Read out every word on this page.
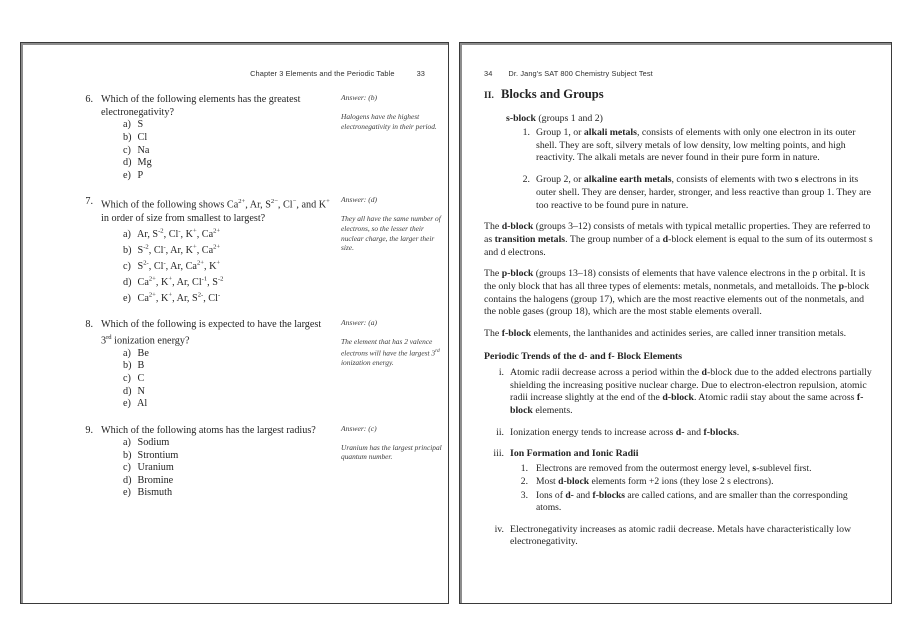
Chapter 3 Elements and the Periodic Table	33
6. Which of the following elements has the greatest electronegativity?
a) S
b) Cl
c) Na
d) Mg
e) P
Answer: (b)
Halogens have the highest electronegativity in their period.
7. Which of the following shows $Ca^{2+}$, Ar, $S^{2-}$, Cl−, and K+ in order of size from smallest to largest?
a) Ar, $S^{-2}$, Cl-, K+, $Ca^{2+}$
b) $S^{-2}$, Cl-, Ar, K+, $Ca^{2+}$
c) $S^{2-}$, Cl-, Ar, $Ca^{2+}$, K+
d) $Ca^{2+}$, K+, Ar, $Cl^{-1}$, $S^{-2}$
e) $Ca^{2+}$, K+, Ar, $S^{2-}$, Cl-
Answer: (d)
They all have the same number of electrons, so the lesser their nuclear charge, the larger their size.
8. Which of the following is expected to have the largest 3rd ionization energy?
a) Be
b) B
c) C
d) N
e) Al
Answer: (a)
The element that has 2 valence electrons will have the largest 3rd ionization energy.
9. Which of the following atoms has the largest radius?
a) Sodium
b) Strontium
c) Uranium
d) Bromine
e) Bismuth
Answer: (c)
Uranium has the largest principal quantum number.
34 Dr. Jang's SAT 800 Chemistry Subject Test
II. Blocks and Groups
s-block (groups 1 and 2)
1. Group 1, or alkali metals, consists of elements with only one electron in its outer shell. They are soft, silvery metals of low density, low melting points, and high reactivity. The alkali metals are never found in their pure form in nature.
2. Group 2, or alkaline earth metals, consists of elements with two s electrons in its outer shell. They are denser, harder, stronger, and less reactive than group 1. They are too reactive to be found pure in nature.

The d-block (groups 3–12) consists of metals with typical metallic properties. They are referred to as transition metals. The group number of a d-block element is equal to the sum of its outermost s and d electrons.

The p-block (groups 13–18) consists of elements that have valence electrons in the p orbital. It is the only block that has all three types of elements: metals, nonmetals, and metalloids. The p-block contains the halogens (group 17), which are the most reactive elements out of the nonmetals, and the noble gases (group 18), which are the most stable elements overall.

The f-block elements, the lanthanides and actinides series, are called inner transition metals.

Periodic Trends of the d- and f- Block Elements
i. Atomic radii decrease across a period within the d-block due to the added electrons partially shielding the increasing positive nuclear charge. Due to electron-electron repulsion, atomic radii increase slightly at the end of the d-block. Atomic radii stay about the same across f-block elements.
ii. Ionization energy tends to increase across d- and f-blocks.
iii. Ion Formation and Ionic Radii
1. Electrons are removed from the outermost energy level, s-sublevel first.
2. Most d-block elements form +2 ions (they lose 2 s electrons).
3. Ions of d- and f-blocks are called cations, and are smaller than the corresponding atoms.
iv. Electronegativity increases as atomic radii decrease. Metals have characteristically low electronegativity.
